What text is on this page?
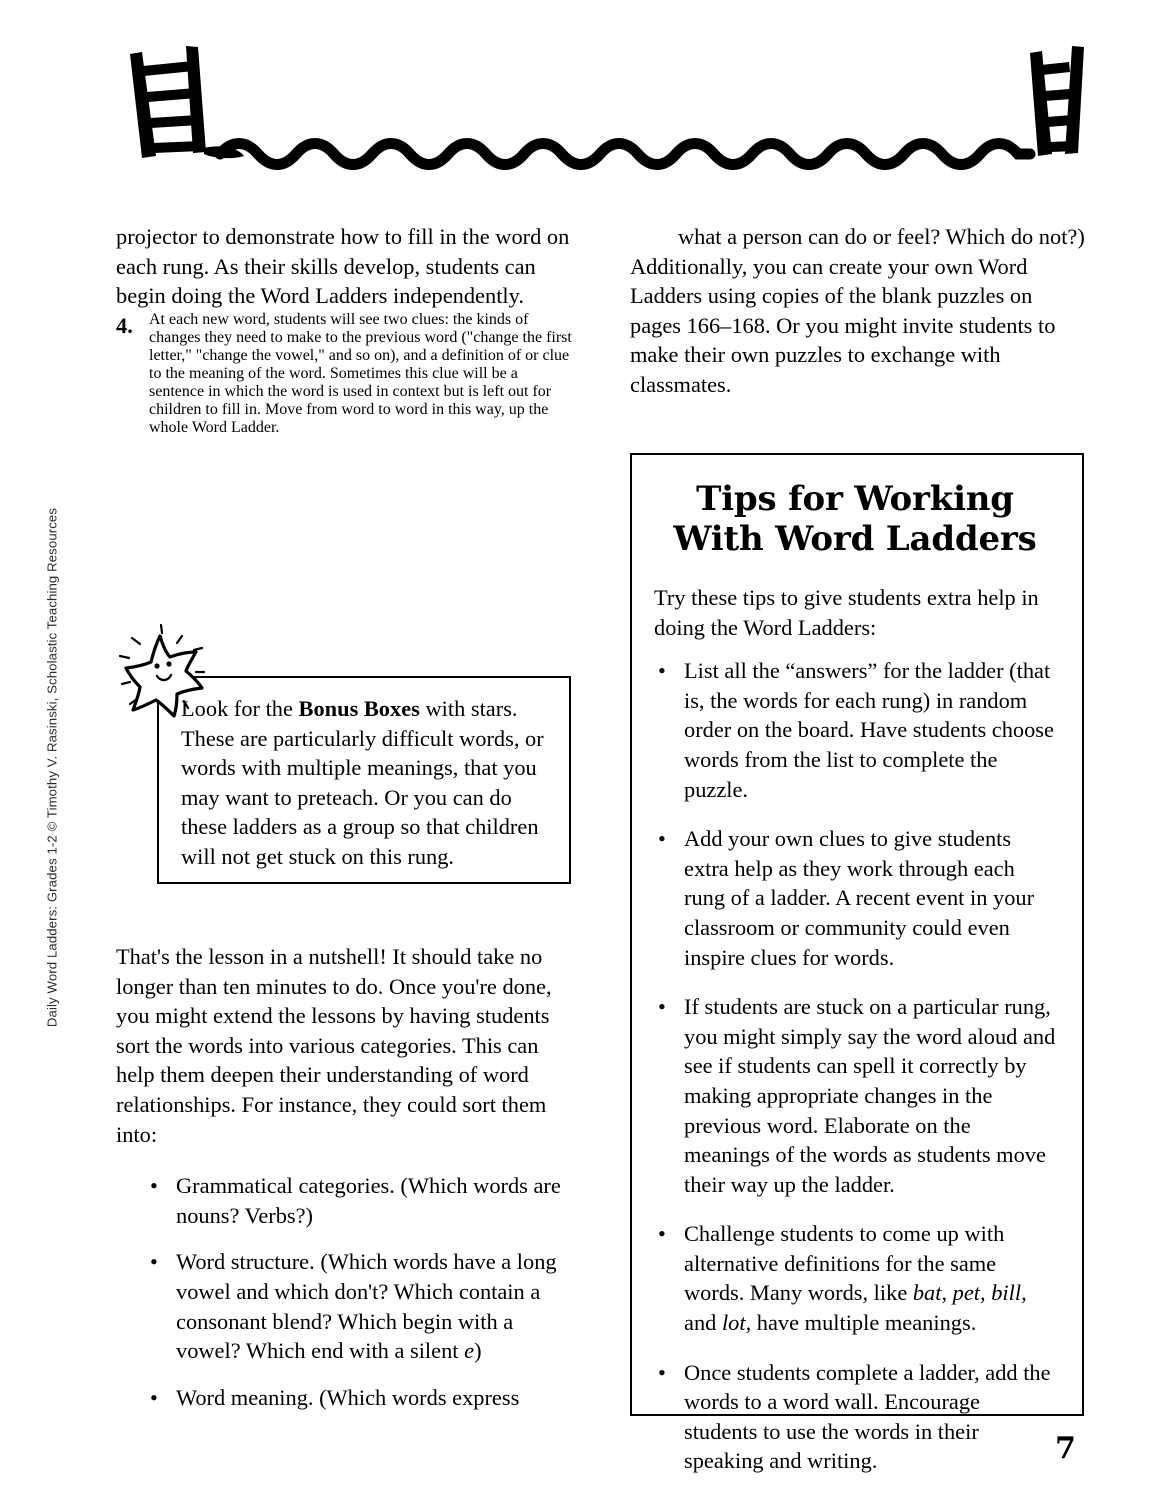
Daily Word Ladders: Grades 1-2 © Timothy V. Rasinski, Scholastic Teaching Resources

projector to demonstrate how to fill in the word on each rung. As their skills develop, students can begin doing the Word Ladders independently.

4. At each new word, students will see two clues: the kinds of changes they need to make to the previous word ("change the first letter," "change the vowel," and so on), and a definition of or clue to the meaning of the word. Sometimes this clue will be a sentence in which the word is used in context but is left out for children to fill in. Move from word to word in this way, up the whole Word Ladder.
Look for the Bonus Boxes with stars. These are particularly difficult words, or words with multiple meanings, that you may want to preteach. Or you can do these ladders as a group so that children will not get stuck on this rung.

That's the lesson in a nutshell! It should take no longer than ten minutes to do. Once you're done, you might extend the lessons by having students sort the words into various categories. This can help them deepen their understanding of word relationships. For instance, they could sort them into:

• Grammatical categories. (Which words are nouns? Verbs?)
• Word structure. (Which words have a long vowel and which don't? Which contain a consonant blend? Which begin with a vowel? Which end with a silent e)
• Word meaning. (Which words express

what a person can do or feel? Which do not?)

Additionally, you can create your own Word Ladders using copies of the blank puzzles on pages 166–168. Or you might invite students to make their own puzzles to exchange with classmates.

Tips for Working
With Word Ladders

Try these tips to give students extra help in doing the Word Ladders:

• List all the “answers” for the ladder (that is, the words for each rung) in random order on the board. Have students choose words from the list to complete the puzzle.
• Add your own clues to give students extra help as they work through each rung of a ladder. A recent event in your classroom or community could even inspire clues for words.
• If students are stuck on a particular rung, you might simply say the word aloud and see if students can spell it correctly by making appropriate changes in the previous word. Elaborate on the meanings of the words as students move their way up the ladder.
• Challenge students to come up with alternative definitions for the same words. Many words, like bat, pet, bill, and lot, have multiple meanings.
• Once students complete a ladder, add the words to a word wall. Encourage students to use the words in their speaking and writing.	7
